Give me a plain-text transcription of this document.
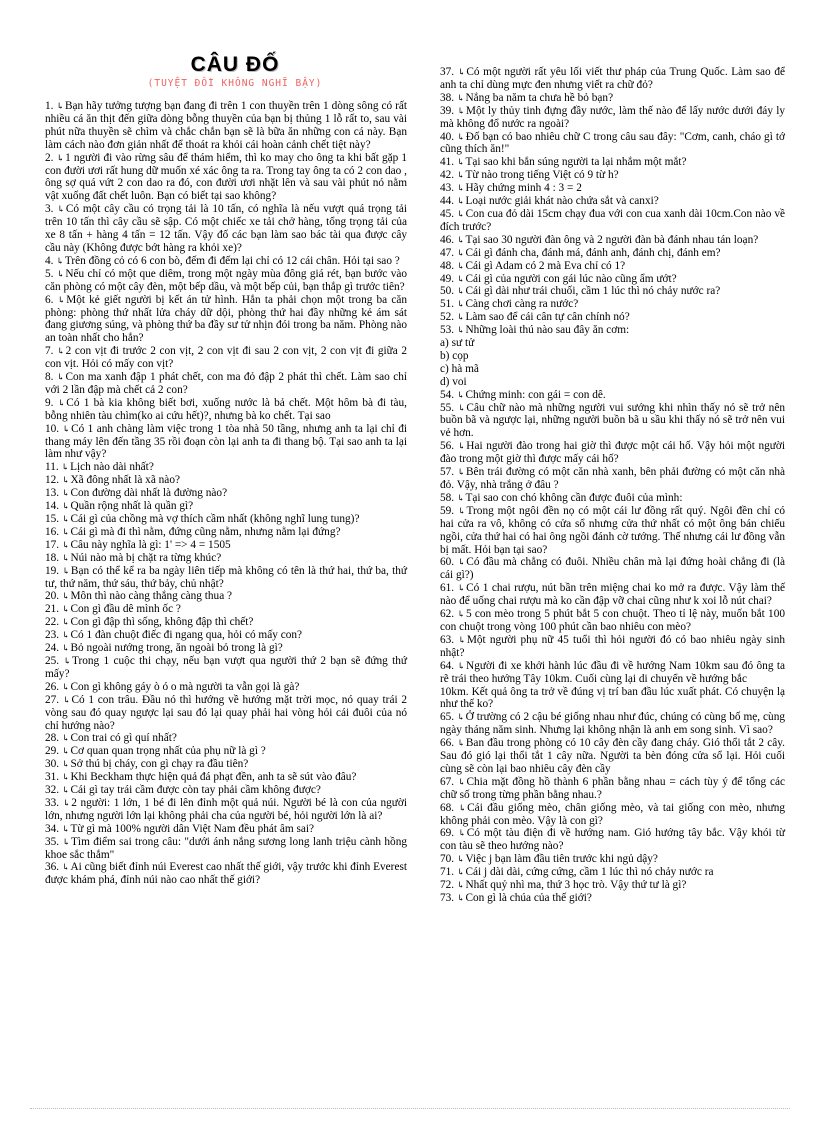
CÂU ĐỐ
(TUYỆT ĐỐI KHÔNG NGHĨ BẬY)

1. ↳Bạn hãy tưởng tượng bạn đang đi trên 1 con thuyền trên 1 dòng sông có rất nhiều cá ăn thịt đến giữa dòng bỗng thuyền của bạn bị thủng 1 lỗ rất to, sau vài phút nữa thuyền sẽ chìm và chắc chắn bạn sẽ là bữa ăn những con cá này. Bạn làm cách nào đơn giản nhất để thoát ra khỏi cái hoàn cảnh chết tiệt này?

2. ↳1 người đi vào rừng sâu để thám hiểm, thì ko may cho ông ta khi bất gặp 1 con đười ươi rất hung dữ muốn xé xác ông ta ra. Trong tay ông ta có 2 con dao , ông sợ quá vứt 2 con dao ra đó, con đười ươi nhặt lên và sau vài phút nó nằm vật xuống đất chết luôn. Bạn có biết tại sao không?

3. ↳Có một cây cầu có trọng tải là 10 tấn, có nghĩa là nếu vượt quá trọng tải trên 10 tấn thì cây cầu sẽ sập. Có một chiếc xe tải chở hàng, tổng trọng tải của xe 8 tấn + hàng 4 tấn = 12 tấn. Vậy đố các bạn làm sao bác tài qua được cây cầu này (Không được bớt hàng ra khỏi xe)?

4. ↳Trên đồng cỏ có 6 con bò, đếm đi đếm lại chỉ có 12 cái chân. Hỏi tại sao ?

5. ↳Nếu chỉ có một que diêm, trong một ngày mùa đông giá rét, bạn bước vào căn phòng có một cây đèn, một bếp dầu, và một bếp củi, bạn thắp gì trước tiên?

6. ↳Một kẻ giết người bị kết án tử hình. Hắn ta phải chọn một trong ba căn phòng: phòng thứ nhất lửa cháy dữ dội, phòng thứ hai đầy những kẻ ám sát đang giương súng, và phòng thứ ba đầy sư tử nhịn đói trong ba năm. Phòng nào an toàn nhất cho hắn?

7. ↳2 con vịt đi trước 2 con vịt, 2 con vịt đi sau 2 con vịt, 2 con vịt đi giữa 2 con vịt. Hỏi có mấy con vịt?

8. ↳Con ma xanh đập 1 phát chết, con ma đỏ đập 2 phát thì chết. Làm sao chỉ với 2 lần đập mà chết cả 2 con?

9. ↳Có 1 bà kia không biết bơi, xuống nước là bả chết. Một hôm bà đi tàu, bỗng nhiên tàu chìm(ko ai cứu hết)?, nhưng bà ko chết. Tại sao

10. ↳Có 1 anh chàng làm việc trong 1 tòa nhà 50 tầng, nhưng anh ta lại chỉ đi thang máy lên đến tầng 35 rồi đoạn còn lại anh ta đi thang bộ. Tại sao anh ta lại làm như vậy?

11. ↳Lịch nào dài nhất?

12. ↳Xã đông nhất là xã nào?

13. ↳Con đường dài nhất là đường nào?

14. ↳Quần rộng nhất là quần gì?

15. ↳Cái gì của chồng mà vợ thích cầm nhất (không nghĩ lung tung)?

16. ↳Cái gì mà đi thì nằm, đứng cũng nằm, nhưng nằm lại đứng?

17. ↳Câu này nghĩa là gì: 1' => 4 = 1505

18. ↳Núi nào mà bị chặt ra từng khúc?

19. ↳Bạn có thể kể ra ba ngày liên tiếp mà không có tên là thứ hai, thứ ba, thứ tư, thứ năm, thứ sáu, thứ bảy, chủ nhật?

20. ↳Môn thì nào càng thắng càng thua ?

21. ↳Con gì đầu dê mình ốc ?

22. ↳Con gì đập thì sống, không đập thì chết?

23. ↳Có 1 đàn chuột điếc đi ngang qua, hỏi có mấy con?

24. ↳Bỏ ngoài nướng trong, ăn ngoài bỏ trong là gì?

25. ↳Trong 1 cuộc thi chạy, nếu bạn vượt qua người thứ 2 bạn sẽ đứng thứ mấy?

26. ↳Con gì không gáy ò ó o mà người ta vẫn gọi là gà?

27. ↳Có 1 con trâu. Đầu nó thì hướng về hướng mặt trời mọc, nó quay trái 2 vòng sau đó quay ngược lại sau đó lại quay phải hai vòng hỏi cái đuôi của nó chỉ hướng nào?

28. ↳Con trai có gì quí nhất?

29. ↳Cơ quan quan trọng nhất của phụ nữ là gì ?

30. ↳Sở thú bị cháy, con gì chạy ra đầu tiên?

31. ↳Khi Beckham thực hiện quả đá phạt đền, anh ta sẽ sút vào đâu?

32. ↳Cái gì tay trái cầm được còn tay phải cầm không được?

33. ↳2 người: 1 lớn, 1 bé đi lên đỉnh một quả núi. Người bé là con của người lớn, nhưng người lớn lại không phải cha của người bé, hỏi người lớn là ai?

34. ↳Từ gì mà 100% người dân Việt Nam đều phát âm sai?

35. ↳Tìm điểm sai trong câu: "dưới ánh nắng sương long lanh triệu cành hồng khoe sắc thắm"

36. ↳Ai cũng biết đỉnh núi Everest cao nhất thế giới, vậy trước khi đỉnh Everest được khám phá, đỉnh núi nào cao nhất thế giới?

37. ↳Có một người rất yêu lối viết thư pháp của Trung Quốc. Làm sao để anh ta chỉ dùng mực đen nhưng viết ra chữ đỏ?

38. ↳Nắng ba năm ta chưa hề bỏ bạn?

39. ↳Một ly thủy tinh đựng đầy nước, làm thế nào để lấy nước dưới đáy ly mà không đổ nước ra ngoài?

40. ↳Đố bạn có bao nhiêu chữ C trong câu sau đây: "Cơm, canh, cháo gì tớ cũng thích ăn!"

41. ↳Tại sao khi bắn súng người ta lại nhắm một mắt?

42. ↳Từ nào trong tiếng Việt có 9 từ h?

43. ↳Hãy chứng minh 4 : 3 = 2

44. ↳Loại nước giải khát nào chứa sắt và canxi?

45. ↳Con cua đỏ dài 15cm chạy đua với con cua xanh dài 10cm.Con nào về đích trước?

46. ↳Tại sao 30 người đàn ông và 2 người đàn bà đánh nhau tán loạn?

47. ↳Cái gì đánh cha, đánh má, đánh anh, đánh chị, đánh em?

48. ↳Cái gì Adam có 2 mà Eva chỉ có 1?

49. ↳Cái gì của người con gái lúc nào cũng ẩm ướt?

50. ↳Cái gì dài như trái chuối, cầm 1 lúc thì nó chảy nước ra?

51. ↳Càng chơi càng ra nước?

52. ↳Làm sao để cái cân tự cân chính nó?

53. ↳Những loài thú nào sau đây ăn cơm:

a) sư tử

b) cọp

c) hà mã

d) voi

54. ↳Chứng minh: con gái = con dê.

55. ↳Câu chữ nào mà những người vui sướng khi nhìn thấy nó sẽ trở nên buồn bã và ngược lại, những người buồn bã u sầu khi thấy nó sẽ trở nên vui vẻ hơn.

56. ↳Hai người đào trong hai giờ thì được một cái hố. Vậy hỏi một người đào trong một giờ thì được mấy cái hố?

57. ↳Bên trái đường có một căn nhà xanh, bên phải đường có một căn nhà đỏ. Vậy, nhà trắng ở đâu ?

58. ↳Tại sao con chó không cần được đuôi của mình:

59. ↳Trong một ngôi đền nọ có một cái lư đồng rất quý. Ngôi đền chỉ có hai cửa ra vô, không có cửa sổ nhưng cửa thứ nhất có một ông bán chiếu ngồi, cửa thứ hai có hai ông ngồi đánh cờ tướng. Thế nhưng cái lư đồng vẫn bị mất. Hỏi bạn tại sao?

60. ↳Có đầu mà chẳng có đuôi. Nhiều chân mà lại đứng hoài chẳng đi (là cái gì?)

61. ↳Có 1 chai rượu, nút bần trên miệng chai ko mở ra được. Vậy làm thế nào để uống chai rượu mà ko cần đập vỡ chai cũng như k xoi lỗ nút chai?

62. ↳5 con mèo trong 5 phút bắt 5 con chuột. Theo tỉ lệ này, muốn bắt 100 con chuột trong vòng 100 phút cần bao nhiêu con mèo?

63. ↳Một người phụ nữ 45 tuổi thì hỏi người đó có bao nhiêu ngày sinh nhật?

64. ↳Người đi xe khởi hành lúc đầu đi về hướng Nam 10km sau đó ông ta rẽ trái theo hướng Tây 10km. Cuối cùng lại di chuyển về hướng bắc
10km. Kết quả ông ta trở về đúng vị trí ban đầu lúc xuất phát. Có chuyện lạ như thế ko?

65. ↳Ở trường có 2 cậu bé giống nhau như đúc, chúng có cùng bố mẹ, cùng ngày tháng năm sinh. Nhưng lại không nhận là anh em song sinh. Vì sao?

66. ↳Ban đầu trong phòng có 10 cây đèn cầy đang cháy. Gió thổi tắt 2 cây. Sau đó gió lại thổi tắt 1 cây nữa. Người ta bèn đóng cửa sổ lại. Hỏi cuối cùng sẽ còn lại bao nhiêu cây đèn cầy

67. ↳Chia mặt đồng hồ thành 6 phần bằng nhau = cách tùy ý để tổng các chữ số trong từng phần bằng nhau.?

68. ↳Cái đầu giống mèo, chân giống mèo, và tai giống con mèo, nhưng không phải con mèo. Vậy là con gì?

69. ↳Có một tàu điện đi về hướng nam. Gió hướng tây bắc. Vậy khói từ con tàu sẽ theo hướng nào?

70. ↳Việc j bạn làm đầu tiên trước khi ngủ dậy?

71. ↳Cái j dài dài, cứng cứng, cầm 1 lúc thì nó chảy nước ra

72. ↳Nhất quỷ nhì ma, thứ 3 học trò. Vậy thứ tư là gì?

73. ↳Con gì là chúa của thế giới?
